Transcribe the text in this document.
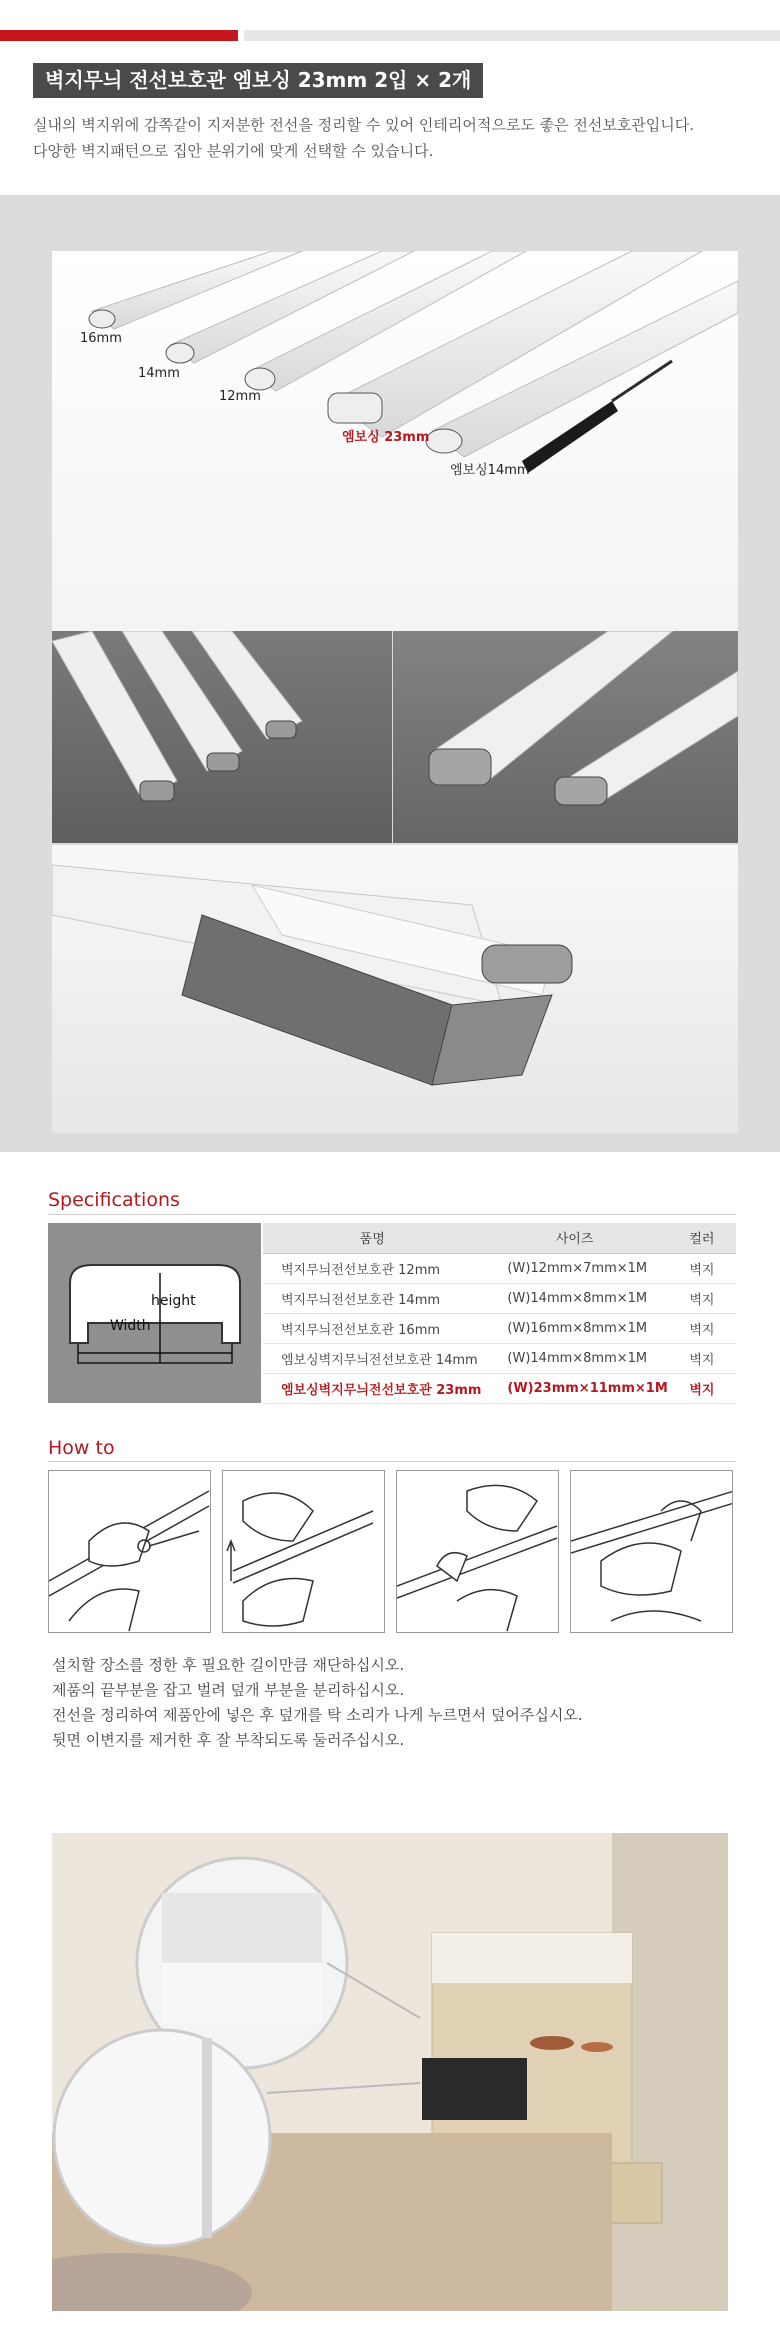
벽지무늬 전선보호관 엠보싱 23mm 2입 × 2개
실내의 벽지위에 감쪽같이 지저분한 전선을 정리할 수 있어 인테리어적으로도 좋은 전선보호관입니다.
다양한 벽지패턴으로 집안 분위기에 맞게 선택할 수 있습니다.
16mm
14mm
12mm
엠보싱 23mm
엠보싱14mm
Specifications
height
Width
품명	사이즈	컬러
벽지무늬전선보호관 12mm	(W)12mm×7mm×1M	벽지
벽지무늬전선보호관 14mm	(W)14mm×8mm×1M	벽지
벽지무늬전선보호관 16mm	(W)16mm×8mm×1M	벽지
엠보싱벽지무늬전선보호관 14mm	(W)14mm×8mm×1M	벽지
엠보싱벽지무늬전선보호관 23mm	(W)23mm×11mm×1M	벽지
How to
설치할 장소를 정한 후 필요한 길이만큼 재단하십시오.
제품의 끝부분을 잡고 벌려 덮개 부분을 분리하십시오.
전선을 정리하여 제품안에 넣은 후 덮개를 탁 소리가 나게 누르면서 덮어주십시오.
뒷면 이변지를 제거한 후 잘 부착되도록 둘러주십시오.
